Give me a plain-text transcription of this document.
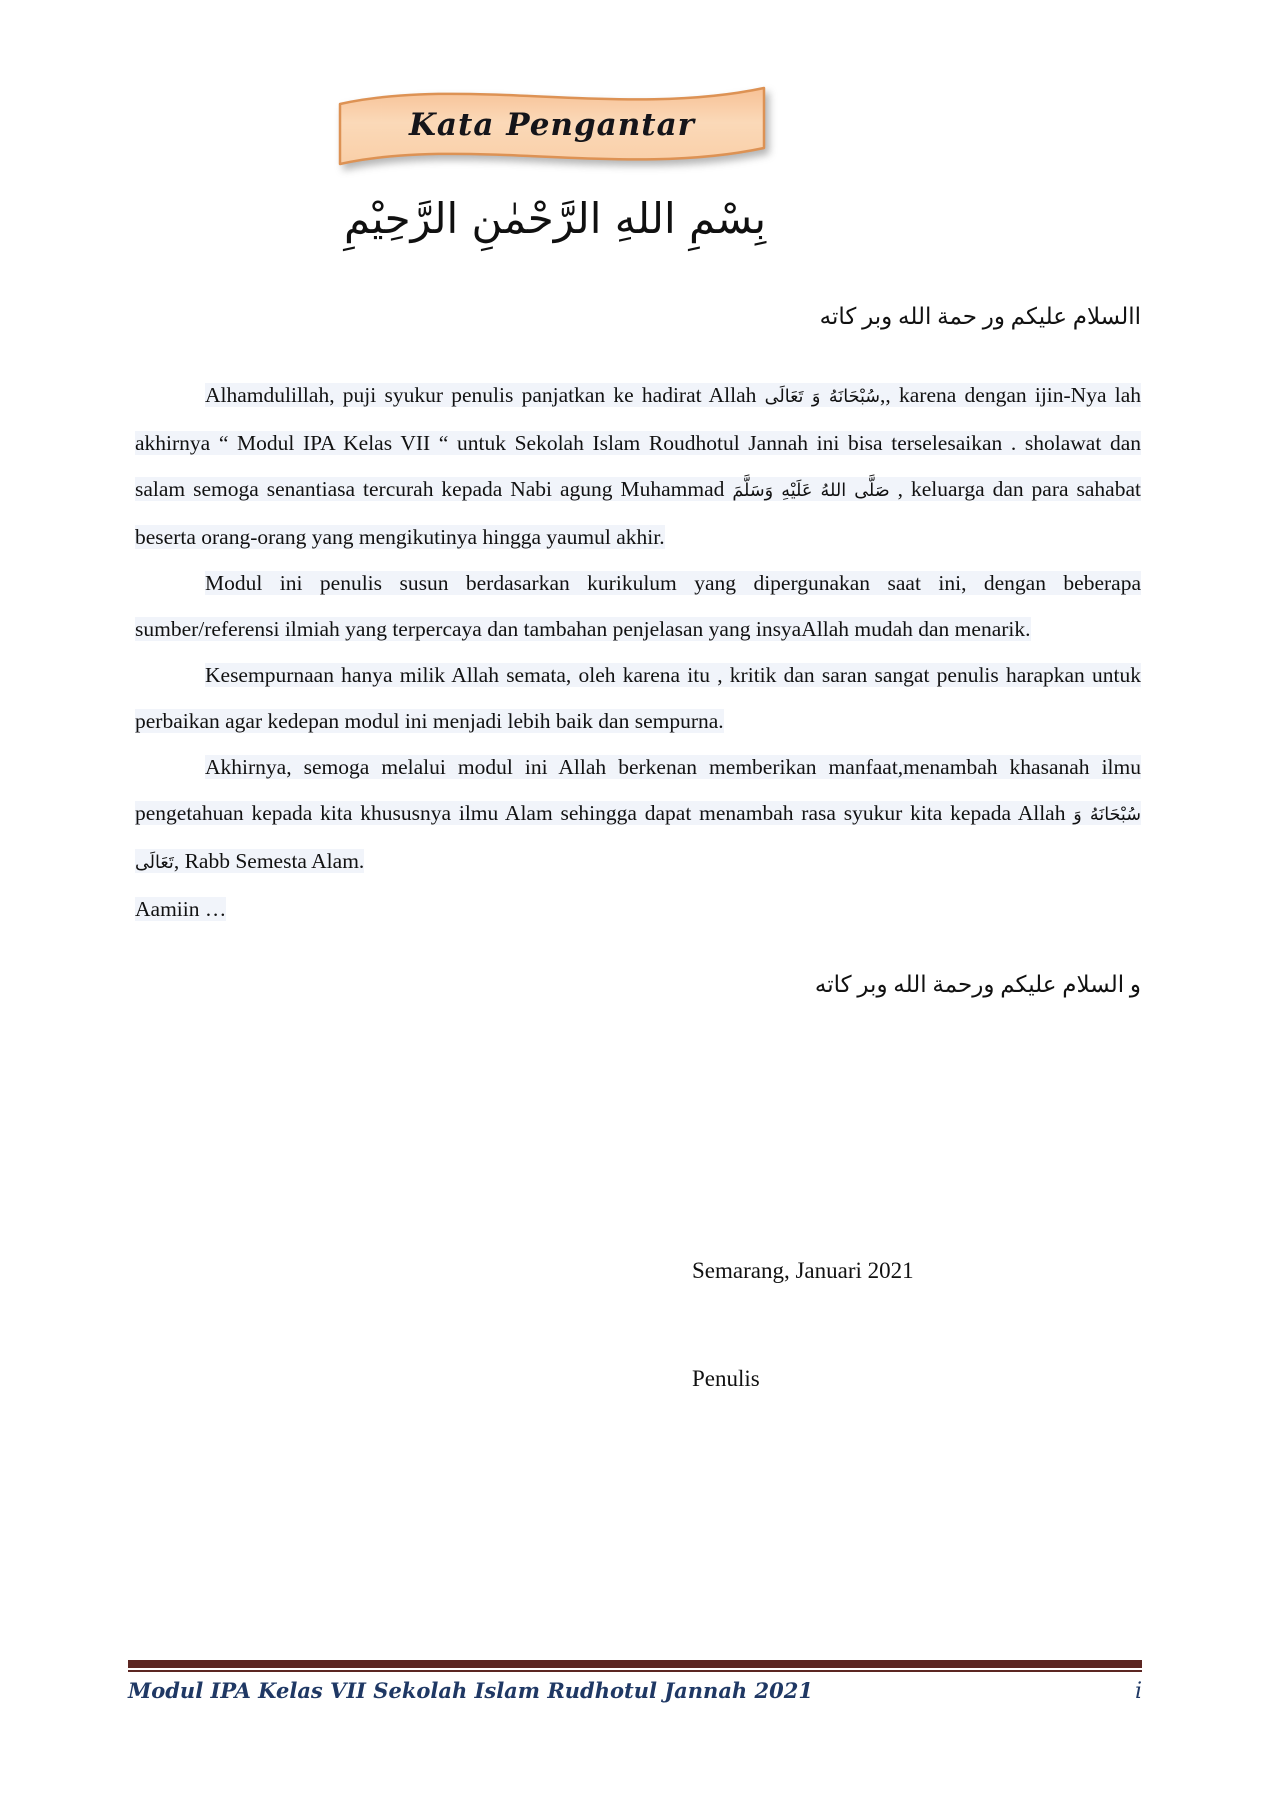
Kata Pengantar
بِسْمِ اللهِ الرَّحْمٰنِ الرَّحِيْمِ
االسلام عليكم ور حمة الله وبر كاته

Alhamdulillah, puji syukur penulis panjatkan ke hadirat Allah سُبْحَانَهُ وَ تَعَالَى,, karena dengan ijin-Nya lah akhirnya “ Modul IPA Kelas VII “ untuk Sekolah Islam Roudhotul Jannah ini bisa terselesaikan . sholawat dan salam semoga senantiasa tercurah kepada Nabi agung Muhammad صَلَّى اللهُ عَلَيْهِ وَسَلَّمَ , keluarga dan para sahabat beserta orang-orang yang mengikutinya hingga yaumul akhir.

Modul ini penulis susun berdasarkan kurikulum yang dipergunakan saat ini, dengan beberapa sumber/referensi ilmiah yang terpercaya dan tambahan penjelasan yang insyaAllah mudah dan menarik.

Kesempurnaan hanya milik Allah semata, oleh karena itu , kritik dan saran sangat penulis harapkan untuk perbaikan agar kedepan modul ini menjadi lebih baik dan sempurna.

Akhirnya, semoga melalui modul ini Allah berkenan memberikan manfaat,menambah khasanah ilmu pengetahuan kepada kita khususnya ilmu Alam sehingga dapat menambah rasa syukur kita kepada Allah سُبْحَانَهُ وَ تَعَالَى, Rabb Semesta Alam.

Aamiin …

و السلام عليكم ورحمة الله وبر كاته
Semarang, Januari 2021
Penulis
Modul IPA Kelas VII Sekolah Islam Rudhotul Jannah 2021	i
